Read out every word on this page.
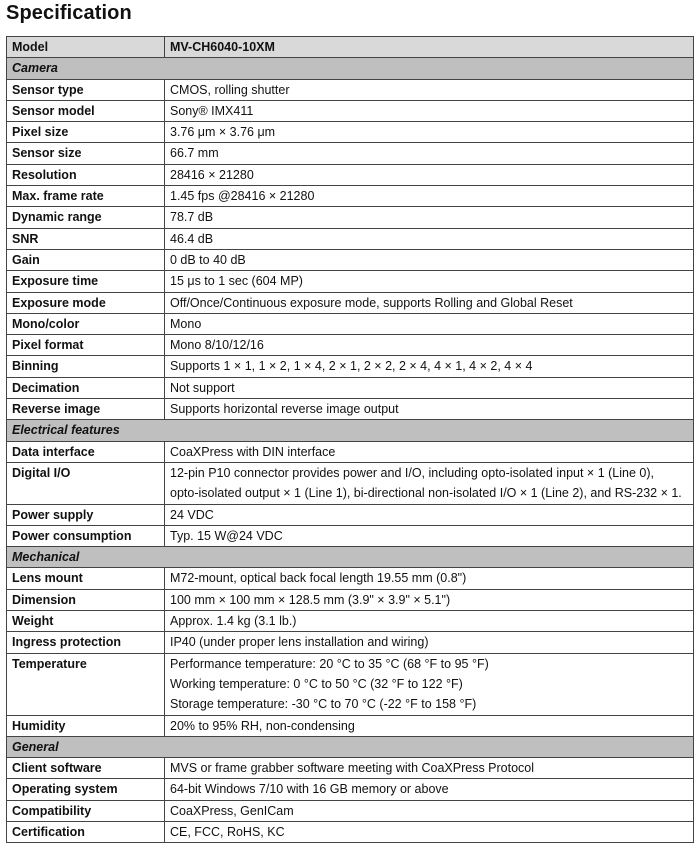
Specification
Model	MV-CH6040-10XM
Camera	
Sensor type	CMOS, rolling shutter

Sensor model	Sony® IMX411

Pixel size	3.76 μm × 3.76 μm

Sensor size	66.7 mm

Resolution	28416 × 21280

Max. frame rate	1.45 fps @28416 × 21280

Dynamic range	78.7 dB

SNR	46.4 dB

Gain	0 dB to 40 dB

Exposure time	15 μs to 1 sec (604 MP)

Exposure mode	Off/Once/Continuous exposure mode, supports Rolling and Global Reset

Mono/color	Mono

Pixel format	Mono 8/10/12/16

Binning	Supports 1 × 1, 1 × 2, 1 × 4, 2 × 1, 2 × 2, 2 × 4, 4 × 1, 4 × 2, 4 × 4

Decimation	Not support

Reverse image	Supports horizontal reverse image output

Electrical features	
Data interface	CoaXPress with DIN interface

Digital I/O	12-pin P10 connector provides power and I/O, including opto-isolated input × 1 (Line 0),
opto-isolated output × 1 (Line 1), bi-directional non-isolated I/O × 1 (Line 2), and RS-232 × 1.

Power supply	24 VDC

Power consumption	Typ. 15 W@24 VDC

Mechanical	
Lens mount	M72-mount, optical back focal length 19.55 mm (0.8")

Dimension	100 mm × 100 mm × 128.5 mm (3.9" × 3.9" × 5.1")

Weight	Approx. 1.4 kg (3.1 lb.)

Ingress protection	IP40 (under proper lens installation and wiring)

Temperature	Performance temperature: 20 °C to 35 °C (68 °F to 95 °F)
Working temperature: 0 °C to 50 °C (32 °F to 122 °F)
Storage temperature: -30 °C to 70 °C (-22 °F to 158 °F)

Humidity	20% to 95% RH, non-condensing

General	
Client software	MVS or frame grabber software meeting with CoaXPress Protocol

Operating system	64-bit Windows 7/10 with 16 GB memory or above

Compatibility	CoaXPress, GenICam

Certification	CE, FCC, RoHS, KC
